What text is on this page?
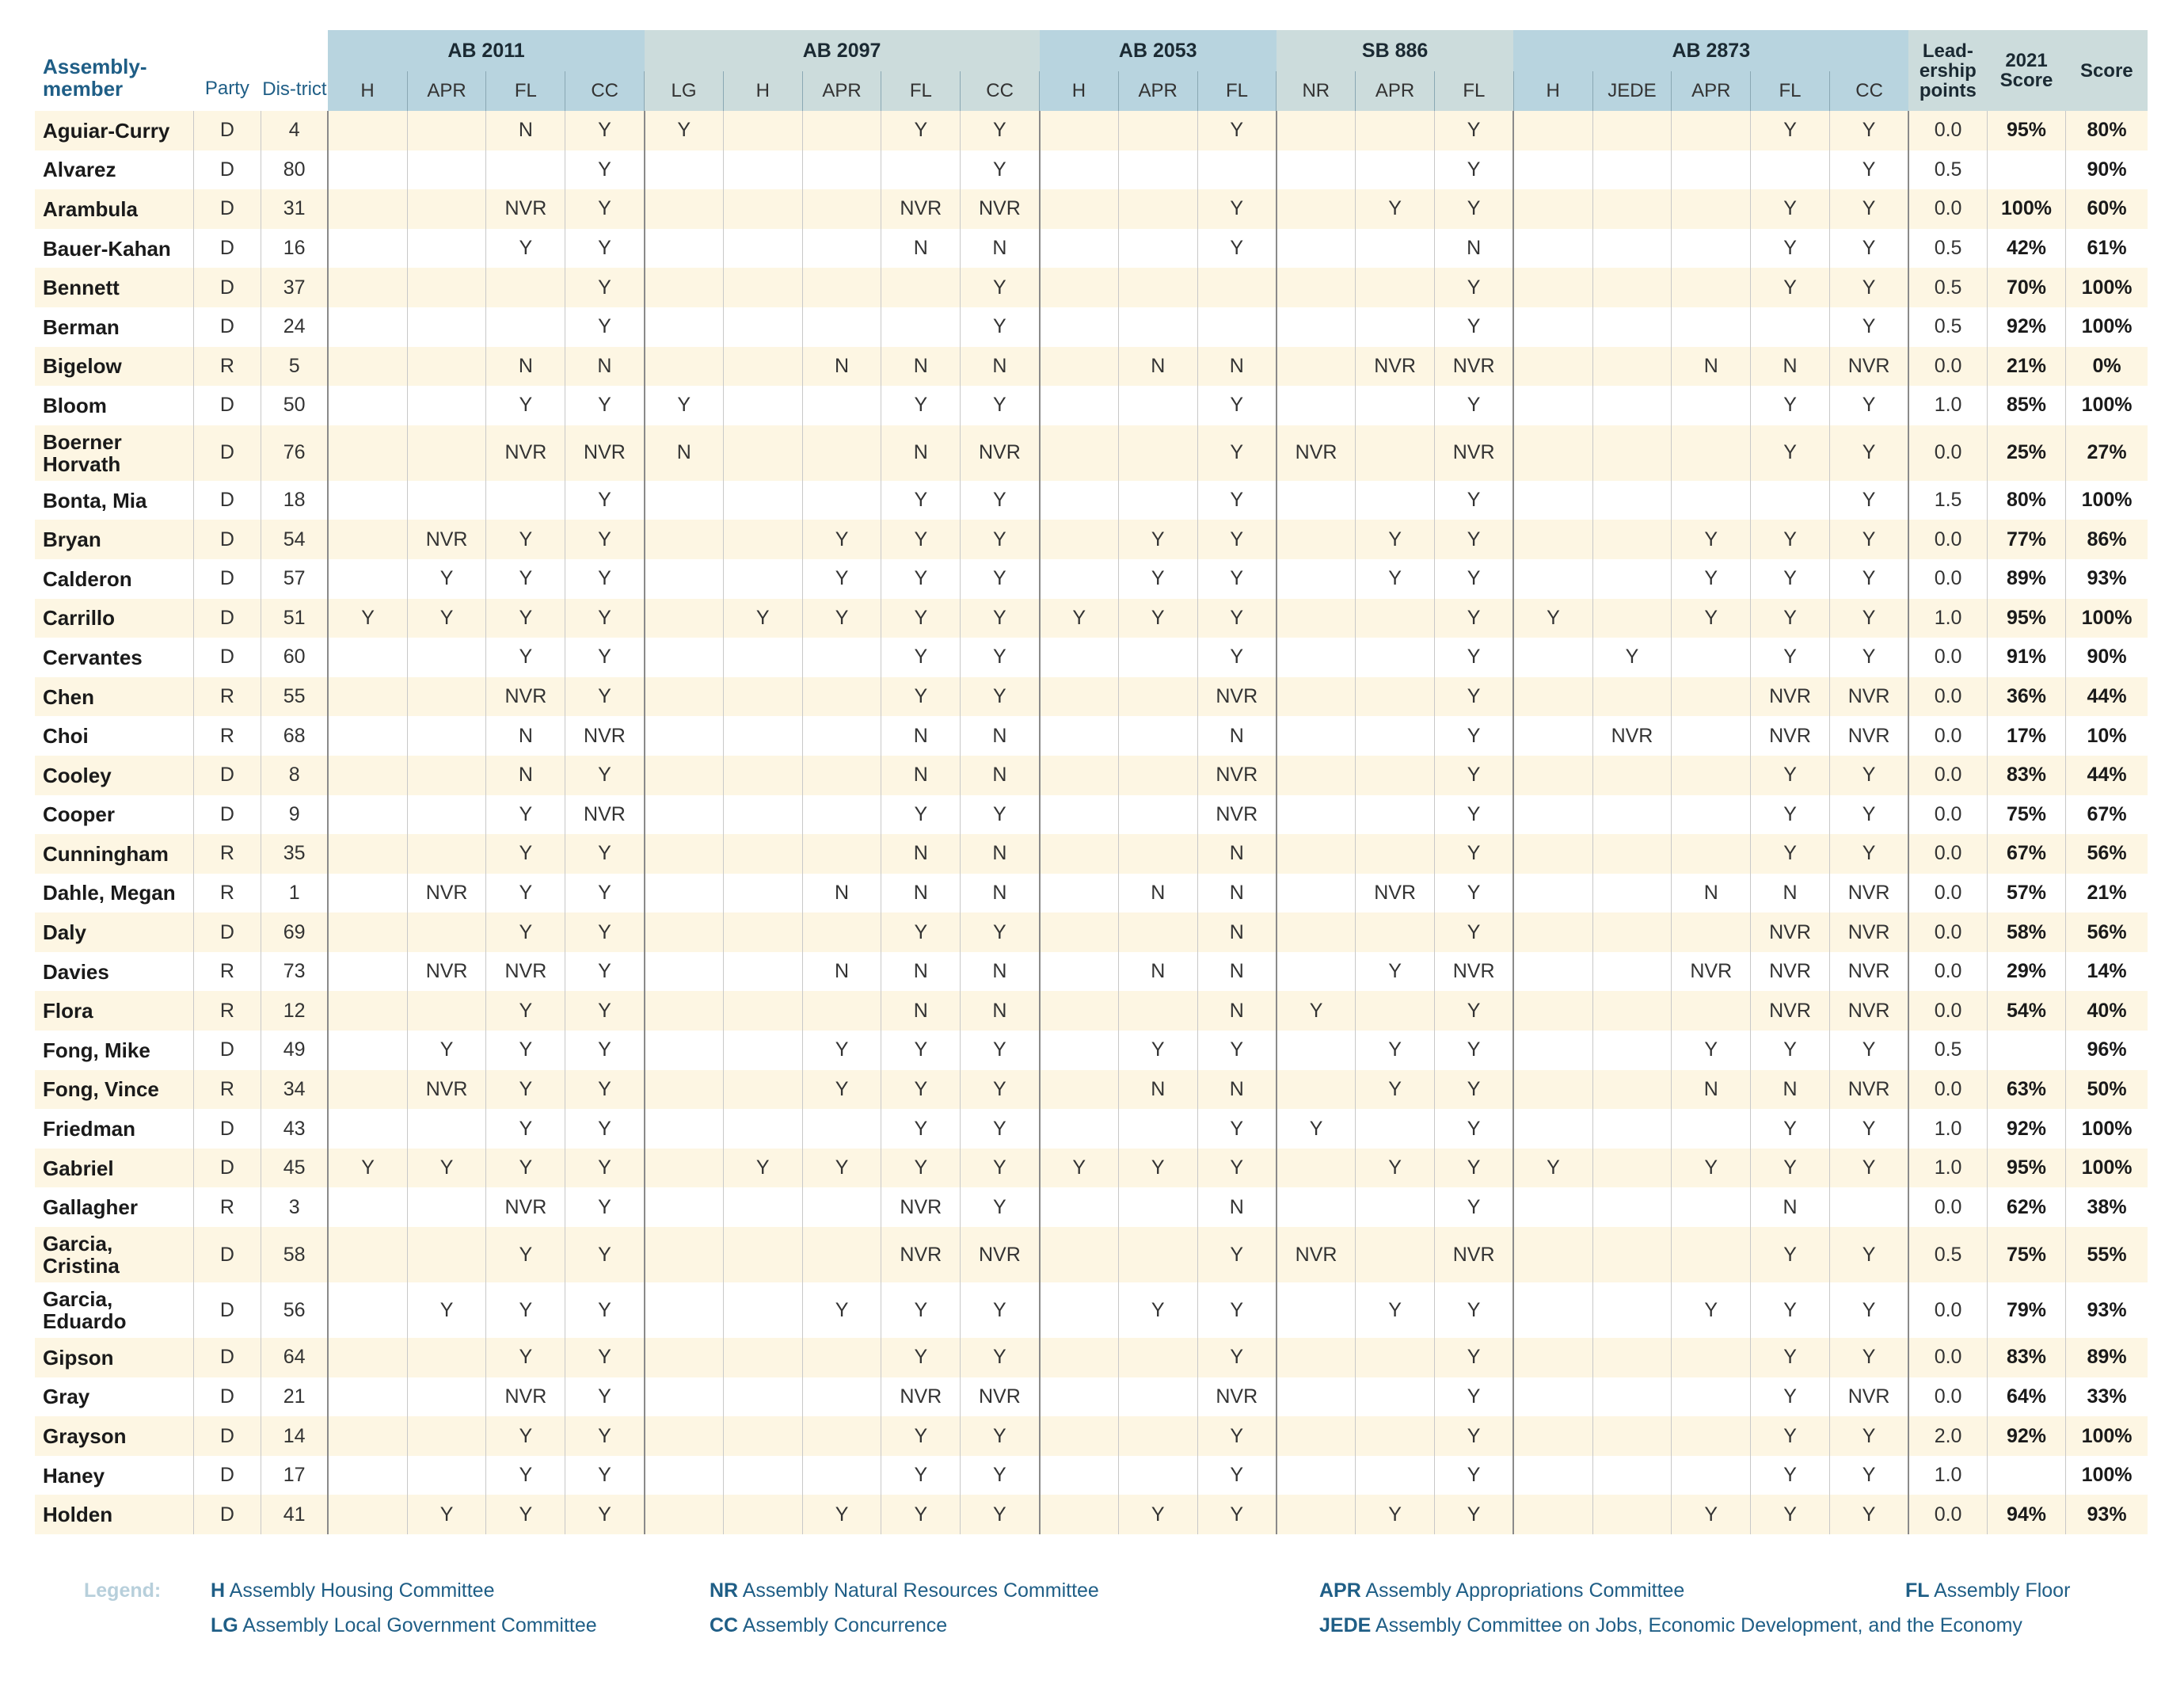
Assembly-member	Party	Dis-trict	AB 2011				AB 2097					AB 2053			SB 886			AB 2873					Lead-ership points	2021 Score	Score
			H	APR	FL	CC	LG	H	APR	FL	CC	H	APR	FL	NR	APR	FL	H	JEDE	APR	FL	CC			
Aguiar-Curry	D	4			N	Y	Y			Y	Y			Y			Y				Y	Y	0.0	95%	80%
Alvarez	D	80				Y					Y						Y					Y	0.5		90%
Arambula	D	31			NVR	Y				NVR	NVR			Y		Y	Y				Y	Y	0.0	100%	60%
Bauer-Kahan	D	16			Y	Y				N	N			Y			N				Y	Y	0.5	42%	61%
Bennett	D	37				Y					Y						Y				Y	Y	0.5	70%	100%
Berman	D	24				Y					Y						Y					Y	0.5	92%	100%
Bigelow	R	5			N	N			N	N	N		N	N		NVR	NVR			N	N	NVR	0.0	21%	0%
Bloom	D	50			Y	Y	Y			Y	Y			Y			Y				Y	Y	1.0	85%	100%
Boerner Horvath	D	76			NVR	NVR	N			N	NVR			Y	NVR		NVR				Y	Y	0.0	25%	27%
Bonta, Mia	D	18				Y				Y	Y			Y			Y					Y	1.5	80%	100%
Bryan	D	54		NVR	Y	Y			Y	Y	Y		Y	Y		Y	Y			Y	Y	Y	0.0	77%	86%
Calderon	D	57		Y	Y	Y			Y	Y	Y		Y	Y		Y	Y			Y	Y	Y	0.0	89%	93%
Carrillo	D	51	Y	Y	Y	Y		Y	Y	Y	Y	Y	Y	Y			Y	Y		Y	Y	Y	1.0	95%	100%
Cervantes	D	60			Y	Y				Y	Y			Y			Y		Y		Y	Y	0.0	91%	90%
Chen	R	55			NVR	Y				Y	Y			NVR			Y				NVR	NVR	0.0	36%	44%
Choi	R	68			N	NVR				N	N			N			Y		NVR		NVR	NVR	0.0	17%	10%
Cooley	D	8			N	Y				N	N			NVR			Y				Y	Y	0.0	83%	44%
Cooper	D	9			Y	NVR				Y	Y			NVR			Y				Y	Y	0.0	75%	67%
Cunningham	R	35			Y	Y				N	N			N			Y				Y	Y	0.0	67%	56%
Dahle, Megan	R	1		NVR	Y	Y			N	N	N		N	N		NVR	Y			N	N	NVR	0.0	57%	21%
Daly	D	69			Y	Y				Y	Y			N			Y				NVR	NVR	0.0	58%	56%
Davies	R	73		NVR	NVR	Y			N	N	N		N	N		Y	NVR			NVR	NVR	NVR	0.0	29%	14%
Flora	R	12			Y	Y				N	N			N	Y		Y				NVR	NVR	0.0	54%	40%
Fong, Mike	D	49		Y	Y	Y			Y	Y	Y		Y	Y		Y	Y			Y	Y	Y	0.5		96%
Fong, Vince	R	34		NVR	Y	Y			Y	Y	Y		N	N		Y	Y			N	N	NVR	0.0	63%	50%
Friedman	D	43			Y	Y				Y	Y			Y	Y		Y				Y	Y	1.0	92%	100%
Gabriel	D	45	Y	Y	Y	Y		Y	Y	Y	Y	Y	Y	Y		Y	Y	Y		Y	Y	Y	1.0	95%	100%
Gallagher	R	3			NVR	Y				NVR	Y			N			Y				N		0.0	62%	38%
Garcia, Cristina	D	58			Y	Y				NVR	NVR			Y	NVR		NVR				Y	Y	0.5	75%	55%
Garcia, Eduardo	D	56		Y	Y	Y			Y	Y	Y		Y	Y		Y	Y			Y	Y	Y	0.0	79%	93%
Gipson	D	64			Y	Y				Y	Y			Y			Y				Y	Y	0.0	83%	89%
Gray	D	21			NVR	Y				NVR	NVR			NVR			Y				Y	NVR	0.0	64%	33%
Grayson	D	14			Y	Y				Y	Y			Y			Y				Y	Y	2.0	92%	100%
Haney	D	17			Y	Y				Y	Y			Y			Y				Y	Y	1.0		100%
Holden	D	41		Y	Y	Y			Y	Y	Y		Y	Y		Y	Y			Y	Y	Y	0.0	94%	93%
Legend:	H Assembly Housing Committee	NR Assembly Natural Resources Committee	APR Assembly Appropriations Committee	FL Assembly Floor
LG Assembly Local Government Committee	CC Assembly Concurrence	JEDE Assembly Committee on Jobs, Economic Development, and the Economy
